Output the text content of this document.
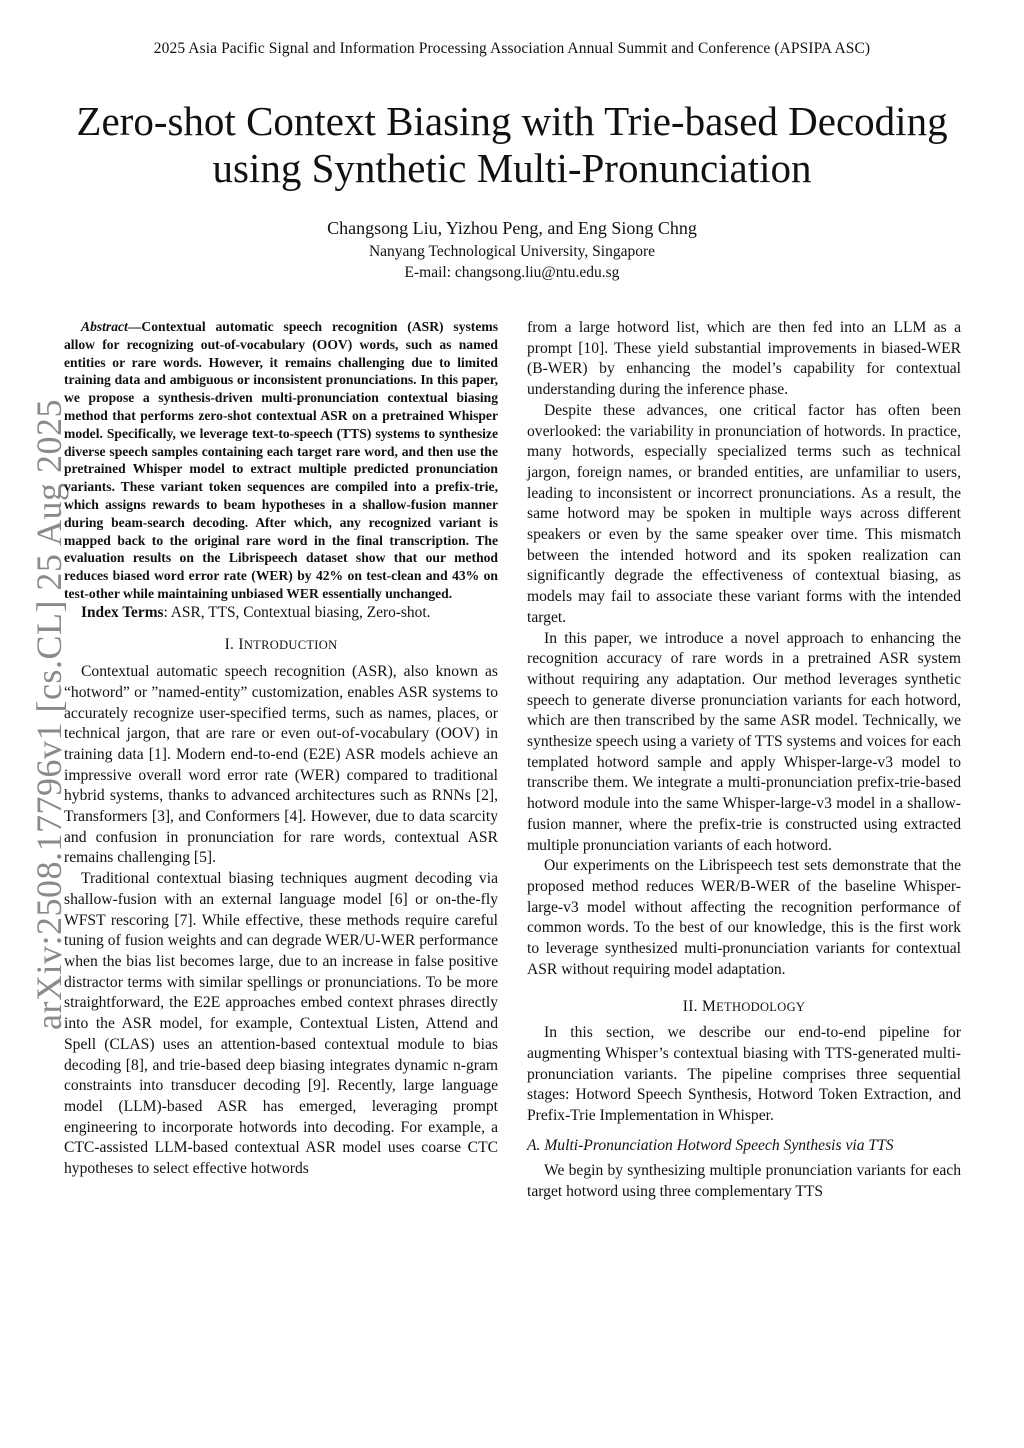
2025 Asia Pacific Signal and Information Processing Association Annual Summit and Conference (APSIPA ASC)
Zero-shot Context Biasing with Trie-based Decoding using Synthetic Multi-Pronunciation
Changsong Liu, Yizhou Peng, and Eng Siong Chng
Nanyang Technological University, Singapore
E-mail: changsong.liu@ntu.edu.sg
arXiv:2508.17796v1 [cs.CL] 25 Aug 2025

Abstract—Contextual automatic speech recognition (ASR) systems allow for recognizing out-of-vocabulary (OOV) words, such as named entities or rare words. However, it remains challenging due to limited training data and ambiguous or inconsistent pronunciations. In this paper, we propose a synthesis-driven multi-pronunciation contextual biasing method that performs zero-shot contextual ASR on a pretrained Whisper model. Specifically, we leverage text-to-speech (TTS) systems to synthesize diverse speech samples containing each target rare word, and then use the pretrained Whisper model to extract multiple predicted pronunciation variants. These variant token sequences are compiled into a prefix-trie, which assigns rewards to beam hypotheses in a shallow-fusion manner during beam-search decoding. After which, any recognized variant is mapped back to the original rare word in the final transcription. The evaluation results on the Librispeech dataset show that our method reduces biased word error rate (WER) by 42% on test-clean and 43% on test-other while maintaining unbiased WER essentially unchanged.

Index Terms: ASR, TTS, Contextual biasing, Zero-shot.

I. INTRODUCTION

Contextual automatic speech recognition (ASR), also known as “hotword” or ”named-entity” customization, enables ASR systems to accurately recognize user-specified terms, such as names, places, or technical jargon, that are rare or even out-of-vocabulary (OOV) in training data [1]. Modern end-to-end (E2E) ASR models achieve an impressive overall word error rate (WER) compared to traditional hybrid systems, thanks to advanced architectures such as RNNs [2], Transformers [3], and Conformers [4]. However, due to data scarcity and confusion in pronunciation for rare words, contextual ASR remains challenging [5].

Traditional contextual biasing techniques augment decoding via shallow-fusion with an external language model [6] or on-the-fly WFST rescoring [7]. While effective, these methods require careful tuning of fusion weights and can degrade WER/U-WER performance when the bias list becomes large, due to an increase in false positive distractor terms with similar spellings or pronunciations. To be more straightforward, the E2E approaches embed context phrases directly into the ASR model, for example, Contextual Listen, Attend and Spell (CLAS) uses an attention-based contextual module to bias decoding [8], and trie-based deep biasing integrates dynamic n-gram constraints into transducer decoding [9]. Recently, large language model (LLM)-based ASR has emerged, leveraging prompt engineering to incorporate hotwords into decoding. For example, a CTC-assisted LLM-based contextual ASR model uses coarse CTC hypotheses to select effective hotwords

from a large hotword list, which are then fed into an LLM as a prompt [10]. These yield substantial improvements in biased-WER (B-WER) by enhancing the model’s capability for contextual understanding during the inference phase.

Despite these advances, one critical factor has often been overlooked: the variability in pronunciation of hotwords. In practice, many hotwords, especially specialized terms such as technical jargon, foreign names, or branded entities, are unfamiliar to users, leading to inconsistent or incorrect pronunciations. As a result, the same hotword may be spoken in multiple ways across different speakers or even by the same speaker over time. This mismatch between the intended hotword and its spoken realization can significantly degrade the effectiveness of contextual biasing, as models may fail to associate these variant forms with the intended target.

In this paper, we introduce a novel approach to enhancing the recognition accuracy of rare words in a pretrained ASR system without requiring any adaptation. Our method leverages synthetic speech to generate diverse pronunciation variants for each hotword, which are then transcribed by the same ASR model. Technically, we synthesize speech using a variety of TTS systems and voices for each templated hotword sample and apply Whisper-large-v3 model to transcribe them. We integrate a multi-pronunciation prefix-trie-based hotword module into the same Whisper-large-v3 model in a shallow-fusion manner, where the prefix-trie is constructed using extracted multiple pronunciation variants of each hotword.

Our experiments on the Librispeech test sets demonstrate that the proposed method reduces WER/B-WER of the baseline Whisper-large-v3 model without affecting the recognition performance of common words. To the best of our knowledge, this is the first work to leverage synthesized multi-pronunciation variants for contextual ASR without requiring model adaptation.

II. METHODOLOGY

In this section, we describe our end-to-end pipeline for augmenting Whisper’s contextual biasing with TTS-generated multi-pronunciation variants. The pipeline comprises three sequential stages: Hotword Speech Synthesis, Hotword Token Extraction, and Prefix-Trie Implementation in Whisper.

A. Multi-Pronunciation Hotword Speech Synthesis via TTS

We begin by synthesizing multiple pronunciation variants for each target hotword using three complementary TTS
